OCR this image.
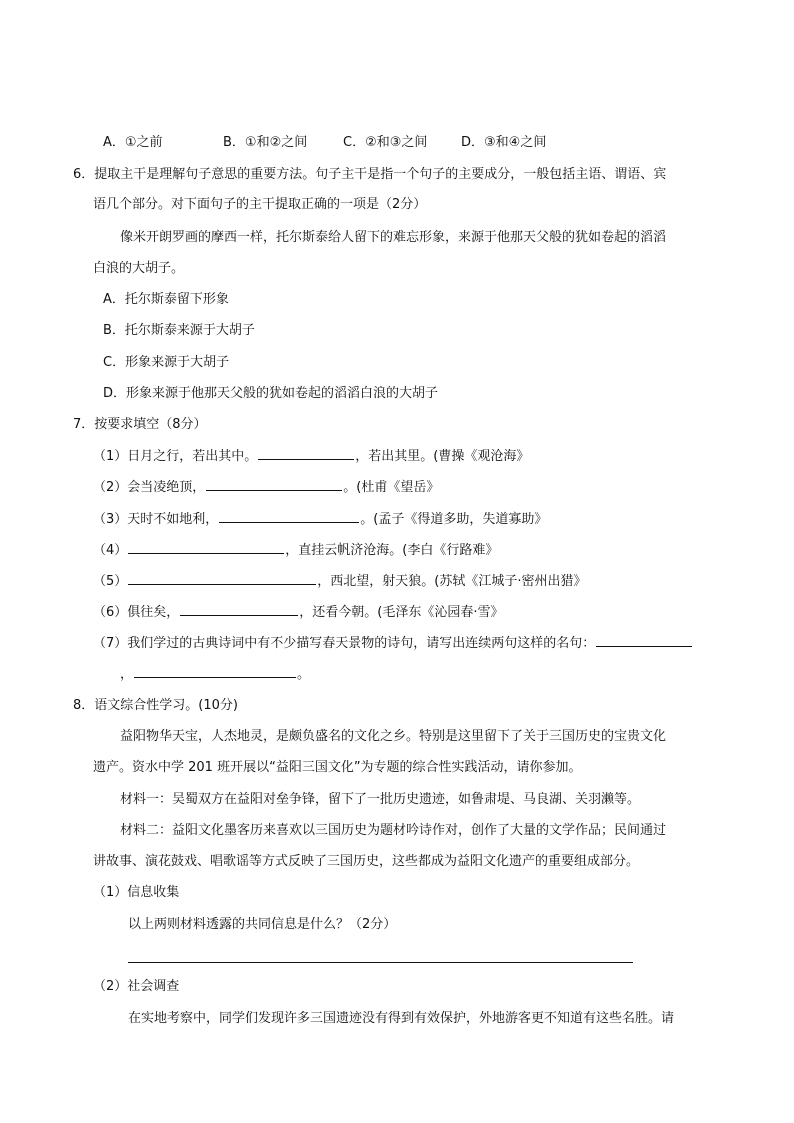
A．①之前	B．①和②之间	C．②和③之间	D．③和④之间
6．提取主干是理解句子意思的重要方法。句子主干是指一个句子的主要成分，一般包括主语、谓语、宾
语几个部分。对下面句子的主干提取正确的一项是（2分）
像米开朗罗画的摩西一样，托尔斯泰给人留下的难忘形象，来源于他那天父般的犹如卷起的滔滔
白浪的大胡子。
A．托尔斯泰留下形象
B．托尔斯泰来源于大胡子
C．形象来源于大胡子
D．形象来源于他那天父般的犹如卷起的滔滔白浪的大胡子
7．按要求填空（8分）
（1）日月之行，若出其中。	，若出其里。(曹操《观沧海》
（2）会当凌绝顶，	。(杜甫《望岳》
（3）天时不如地利，	。(孟子《得道多助，失道寡助》
（4）	，直挂云帆济沧海。(李白《行路难》
（5）	，西北望，射天狼。(苏轼《江城子·密州出猎》
（6）俱往矣，	，还看今朝。(毛泽东《沁园春·雪》
（7）我们学过的古典诗词中有不少描写春天景物的诗句，请写出连续两句这样的名句：
，	。
8．语文综合性学习。(10分)
益阳物华天宝，人杰地灵，是颇负盛名的文化之乡。特别是这里留下了关于三国历史的宝贵文化
遗产。资水中学 201 班开展以“益阳三国文化”为专题的综合性实践活动，请你参加。
材料一：吴蜀双方在益阳对垒争锋，留下了一批历史遗迹，如鲁肃堤、马良湖、关羽濑等。
材料二：益阳文化墨客历来喜欢以三国历史为题材吟诗作对，创作了大量的文学作品；民间通过
讲故事、演花鼓戏、唱歌谣等方式反映了三国历史，这些都成为益阳文化遗产的重要组成部分。
（1）信息收集
以上两则材料透露的共同信息是什么？（2分）
（2）社会调查
在实地考察中，同学们发现许多三国遗迹没有得到有效保护，外地游客更不知道有这些名胜。请
